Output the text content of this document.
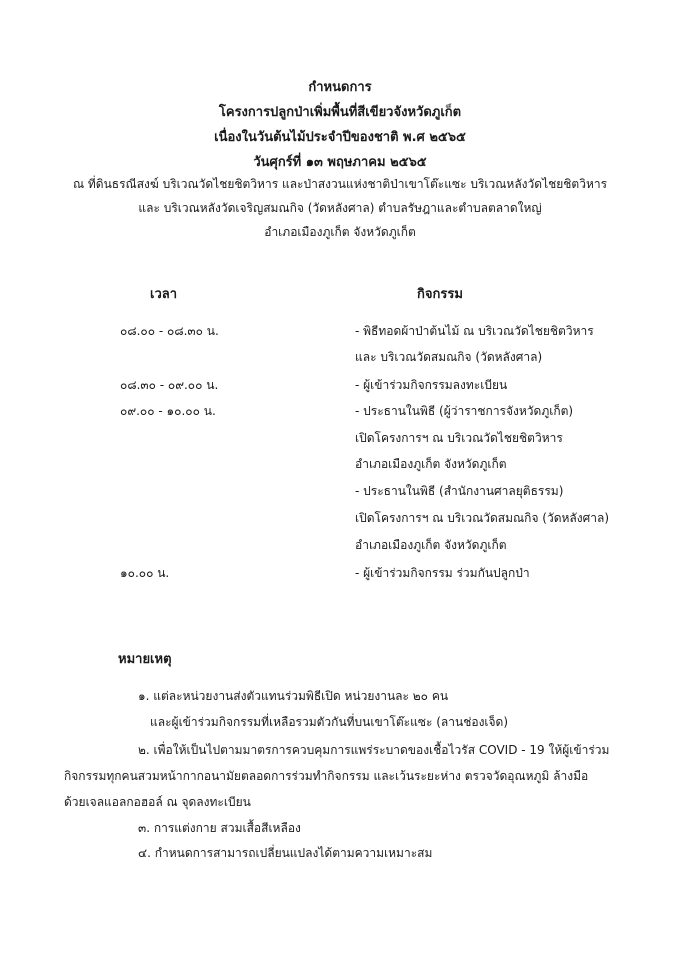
กำหนดการ
โครงการปลูกป่าเพิ่มพื้นที่สีเขียวจังหวัดภูเก็ต
เนื่องในวันต้นไม้ประจำปีของชาติ พ.ศ ๒๕๖๕
วันศุกร์ที่ ๑๓ พฤษภาคม ๒๕๖๕
ณ ที่ดินธรณีสงฆ์ บริเวณวัดไชยชิตวิหาร และป่าสงวนแห่งชาติป่าเขาโต๊ะแซะ บริเวณหลังวัดไชยชิตวิหาร
และ บริเวณหลังวัดเจริญสมณกิจ (วัดหลังศาล) ตำบลรัษฎาและตำบลตลาดใหญ่
อำเภอเมืองภูเก็ต จังหวัดภูเก็ต
เวลา	กิจกรรม
๐๘.๐๐ - ๐๘.๓๐ น.	- พิธีทอดผ้าป่าต้นไม้ ณ บริเวณวัดไชยชิตวิหาร
และ บริเวณวัดสมณกิจ (วัดหลังศาล)
๐๘.๓๐ - ๐๙.๐๐ น.	- ผู้เข้าร่วมกิจกรรมลงทะเบียน
๐๙.๐๐ - ๑๐.๐๐ น.	- ประธานในพิธี (ผู้ว่าราชการจังหวัดภูเก็ต)
เปิดโครงการฯ ณ บริเวณวัดไชยชิตวิหาร
อำเภอเมืองภูเก็ต จังหวัดภูเก็ต
- ประธานในพิธี (สำนักงานศาลยุติธรรม)
เปิดโครงการฯ ณ บริเวณวัดสมณกิจ (วัดหลังศาล)
อำเภอเมืองภูเก็ต จังหวัดภูเก็ต
๑๐.๐๐ น.	- ผู้เข้าร่วมกิจกรรม ร่วมกันปลูกป่า
หมายเหตุ
๑. แต่ละหน่วยงานส่งตัวแทนร่วมพิธีเปิด หน่วยงานละ ๒๐ คน
และผู้เข้าร่วมกิจกรรมที่เหลือรวมตัวกันที่บนเขาโต๊ะแซะ (ลานช่องเจ็ด)
๒. เพื่อให้เป็นไปตามมาตรการควบคุมการแพร่ระบาดของเชื้อไวรัส COVID - 19 ให้ผู้เข้าร่วม
กิจกรรมทุกคนสวมหน้ากากอนามัยตลอดการร่วมทำกิจกรรม และเว้นระยะห่าง ตรวจวัดอุณหภูมิ ล้างมือ
ด้วยเจลแอลกอฮอล์ ณ จุดลงทะเบียน
๓. การแต่งกาย สวมเสื้อสีเหลือง
๔. กำหนดการสามารถเปลี่ยนแปลงได้ตามความเหมาะสม
